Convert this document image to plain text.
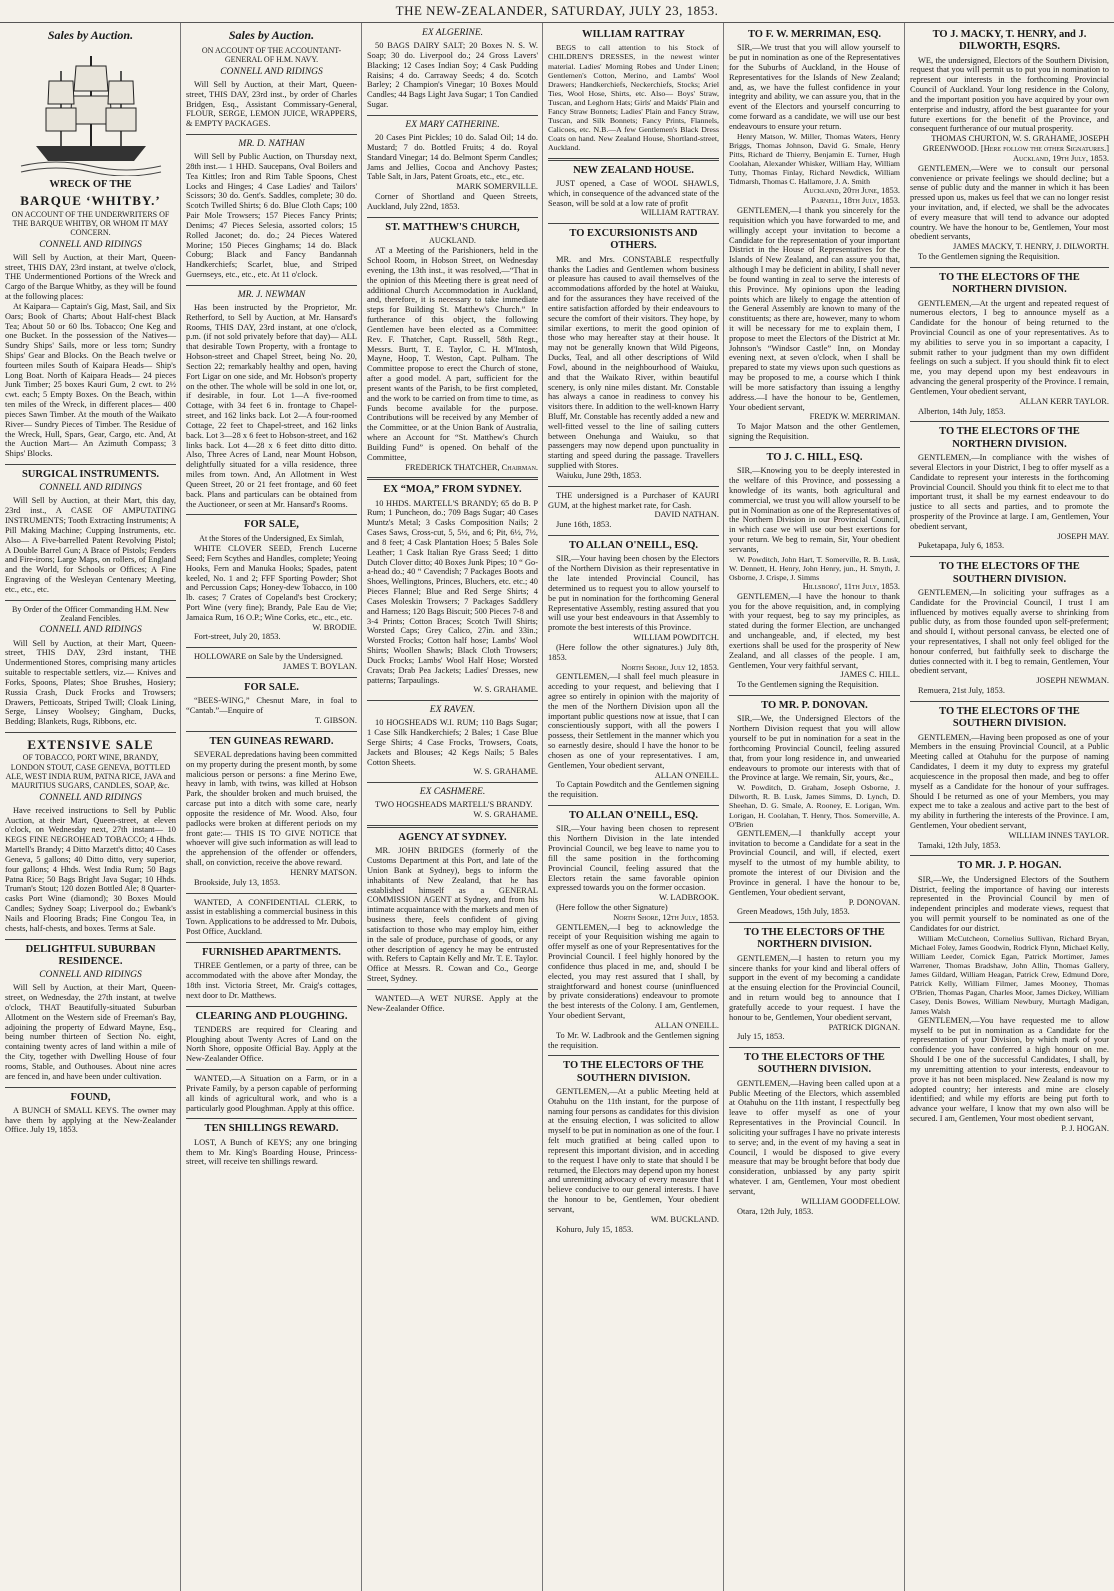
THE NEW-ZEALANDER, SATURDAY, JULY 23, 1853.
Sales by Auction.
WRECK OF THE
BARQUE ‘WHITBY.’
ON ACCOUNT OF THE UNDERWRITERS OF THE BARQUE WHITBY, OR WHOM IT MAY CONCERN.
CONNELL AND RIDINGS

Will Sell by Auction, at their Mart, Queen-street, THIS DAY, 23rd instant, at twelve o'clock, THE Undermentioned Portions of the Wreck and Cargo of the Barque Whitby, as they will be found at the following places:

At Kaipara— Captain's Gig, Mast, Sail, and Six Oars; Book of Charts; About Half-chest Black Tea; About 50 or 60 lbs. Tobacco; One Keg and one Bucket. In the possession of the Natives— Sundry Ships' Sails, more or less torn; Sundry Ships' Gear and Blocks. On the Beach twelve or fourteen miles South of Kaipara Heads— Ship's Long Boat. North of Kaipara Heads— 24 pieces Junk Timber; 25 boxes Kauri Gum, 2 cwt. to 2½ cwt. each; 5 Empty Boxes. On the Beach, within ten miles of the Wreck, in different places— 400 pieces Sawn Timber. At the mouth of the Waikato River— Sundry Pieces of Timber. The Residue of the Wreck, Hull, Spars, Gear, Cargo, etc. And, At the Auction Mart— An Azimuth Compass; 3 Ships' Blocks.

SURGICAL INSTRUMENTS.
CONNELL AND RIDINGS

Will Sell by Auction, at their Mart, this day, 23rd inst., A CASE OF AMPUTATING INSTRUMENTS; Tooth Extracting Instruments; A Pill Making Machine; Cupping Instruments, etc. Also— A Five-barrelled Patent Revolving Pistol; A Double Barrel Gun; A Brace of Pistols; Fenders and Fire-irons; Large Maps, on rollers, of England and the World, for Schools or Offices; A Fine Engraving of the Wesleyan Centenary Meeting, etc., etc., etc.

By Order of the Officer Commanding H.M. New Zealand Fencibles.
CONNELL AND RIDINGS

Will Sell by Auction, at their Mart, Queen-street, THIS DAY, 23rd instant, THE Undermentioned Stores, comprising many articles suitable to respectable settlers, viz.— Knives and Forks, Spoons, Plates; Shoe Brushes, Hosiery; Russia Crash, Duck Frocks and Trowsers; Drawers, Petticoats, Striped Twill; Cloak Lining, Serge, Linsey Woolsey; Gingham, Ducks, Bedding; Blankets, Rugs, Ribbons, etc.

EXTENSIVE SALE
OF TOBACCO, PORT WINE, BRANDY, LONDON STOUT, CASE GENEVA, BOTTLED ALE, WEST INDIA RUM, PATNA RICE, JAVA and MAURITIUS SUGARS, CANDLES, SOAP, &c.
CONNELL AND RIDINGS

Have received instructions to Sell by Public Auction, at their Mart, Queen-street, at eleven o'clock, on Wednesday next, 27th instant— 10 KEGS FINE NEGROHEAD TOBACCO; 4 Hhds. Martell's Brandy; 4 Ditto Marzett's ditto; 40 Cases Geneva, 5 gallons; 40 Ditto ditto, very superior, four gallons; 4 Hhds. West India Rum; 50 Bags Patna Rice; 50 Bags Bright Java Sugar; 10 Hhds. Truman's Stout; 120 dozen Bottled Ale; 8 Quarter-casks Port Wine (diamond); 30 Boxes Mould Candles; Sydney Soap; Liverpool do.; Ewbank's Nails and Flooring Brads; Fine Congou Tea, in chests, half-chests, and boxes. Terms at Sale.

DELIGHTFUL SUBURBAN RESIDENCE.
CONNELL AND RIDINGS

Will Sell by Auction, at their Mart, Queen-street, on Wednesday, the 27th instant, at twelve o'clock, THAT Beautifully-situated Suburban Allotment on the Western side of Freeman's Bay, adjoining the property of Edward Mayne, Esq., being number thirteen of Section No. eight, containing twenty acres of land within a mile of the City, together with Dwelling House of four rooms, Stable, and Outhouses. About nine acres are fenced in, and have been under cultivation.

FOUND,

A BUNCH of SMALL KEYS. The owner may have them by applying at the New-Zealander Office. July 19, 1853.

Sales by Auction.
ON ACCOUNT OF THE ACCOUNTANT-GENERAL OF H.M. NAVY.
CONNELL AND RIDINGS

Will Sell by Auction, at their Mart, Queen-street, THIS DAY, 23rd inst., by order of Charles Bridgen, Esq., Assistant Commissary-General, FLOUR, SERGE, LEMON JUICE, WRAPPERS, & EMPTY PACKAGES.

MR. D. NATHAN

Will Sell by Public Auction, on Thursday next, 28th inst.— 1 HHD. Saucepans, Oval Boilers and Tea Kittles; Iron and Rim Table Spoons, Chest Locks and Hinges; 4 Case Ladies' and Tailors' Scissors; 30 do. Gent's. Saddles, complete; 30 do. Scotch Twilled Shirts; 6 do. Blue Cloth Caps; 100 Pair Mole Trowsers; 157 Pieces Fancy Prints; Denims; 47 Pieces Selesia, assorted colors; 15 Rolled Jaconet; do. do.; 24 Pieces Watered Morine; 150 Pieces Ginghams; 14 do. Black Coburg; Black and Fancy Bandannah Handkerchiefs; Scarlet, blue, and Striped Guernseys, etc., etc., etc. At 11 o'clock.

MR. J. NEWMAN

Has been instructed by the Proprietor, Mr. Retherford, to Sell by Auction, at Mr. Hansard's Rooms, THIS DAY, 23rd instant, at one o'clock, p.m. (if not sold privately before that day)— ALL that desirable Town Property, with a frontage to Hobson-street and Chapel Street, being No. 20, Section 22; remarkably healthy and open, having Fort Ligar on one side, and Mr. Hobson's property on the other. The whole will be sold in one lot, or, if desirable, in four. Lot 1—A five-roomed Cottage, with 34 feet 6 in. frontage to Chapel-street, and 162 links back. Lot 2—A four-roomed Cottage, 22 feet to Chapel-street, and 162 links back. Lot 3—28 x 6 feet to Hobson-street, and 162 links back. Lot 4—28 x 6 feet ditto ditto ditto. Also, Three Acres of Land, near Mount Hobson, delightfully situated for a villa residence, three miles from town. And, An Allotment in West Queen Street, 20 or 21 feet frontage, and 60 feet back. Plans and particulars can be obtained from the Auctioneer, or seen at Mr. Hansard's Rooms.

FOR SALE,
At the Stores of the Undersigned, Ex Simlah,

WHITE CLOVER SEED, French Lucerne Seed; Fern Scythes and Handles, complete; Yeoing Hooks, Fern and Manuka Hooks; Spades, patent keeled, No. 1 and 2; FFF Sporting Powder; Shot and Percussion Caps; Honey-dew Tobacco, in 100 lb. cases; 7 Crates of Copeland's best Crockery; Port Wine (very fine); Brandy, Pale Eau de Vie; Jamaica Rum, 16 O.P.; Wine Corks, etc., etc., etc.

W. BRODIE.

Fort-street, July 20, 1853.

HOLLOWARE on Sale by the Undersigned.

JAMES T. BOYLAN.

FOR SALE.

“BEES-WING,” Chesnut Mare, in foal to “Cantab.”—Enquire of

T. GIBSON.

TEN GUINEAS REWARD.

SEVERAL depredations having been committed on my property during the present month, by some malicious person or persons: a fine Merino Ewe, heavy in lamb, with twins, was killed at Hobson Park, the shoulder broken and much bruised, the carcase put into a ditch with some care, nearly opposite the residence of Mr. Wood. Also, four padlocks were broken at different periods on my front gate:— THIS IS TO GIVE NOTICE that whoever will give such information as will lead to the apprehension of the offender or offenders, shall, on conviction, receive the above reward.

HENRY MATSON.

Brookside, July 13, 1853.

WANTED, A CONFIDENTIAL CLERK, to assist in establishing a commercial business in this Town. Applications to be addressed to Mr. Dubois, Post Office, Auckland.

FURNISHED APARTMENTS.

THREE Gentlemen, or a party of three, can be accommodated with the above after Monday, the 18th inst. Victoria Street, Mr. Craig's cottages, next door to Dr. Matthews.

CLEARING AND PLOUGHING.

TENDERS are required for Clearing and Ploughing about Twenty Acres of Land on the North Shore, opposite Official Bay. Apply at the New-Zealander Office.

WANTED,—A Situation on a Farm, or in a Private Family, by a person capable of performing all kinds of agricultural work, and who is a particularly good Ploughman. Apply at this office.

TEN SHILLINGS REWARD.

LOST, A Bunch of KEYS; any one bringing them to Mr. King's Boarding House, Princess-street, will receive ten shillings reward.

EX ALGERINE.

50 BAGS DAIRY SALT; 20 Boxes N. S. W. Soap; 30 do. Liverpool do.; 24 Gross Lavers' Blacking; 12 Cases Indian Soy; 4 Cask Pudding Raisins; 4 do. Carraway Seeds; 4 do. Scotch Barley; 2 Champion's Vinegar; 10 Boxes Mould Candles; 44 Bags Light Java Sugar; 1 Ton Candied Sugar.

EX MARY CATHERINE.

20 Cases Pint Pickles; 10 do. Salad Oil; 14 do. Mustard; 7 do. Bottled Fruits; 4 do. Royal Standard Vinegar; 14 do. Belmont Sperm Candles; Jams and Jellies, Cocoa and Anchovy Pastes; Table Salt, in Jars, Patent Groats, etc., etc., etc.

MARK SOMERVILLE.

Corner of Shortland and Queen Streets, Auckland, July 22nd, 1853.

ST. MATTHEW'S CHURCH,
AUCKLAND.

AT a Meeting of the Parishioners, held in the School Room, in Hobson Street, on Wednesday evening, the 13th inst., it was resolved,—“That in the opinion of this Meeting there is great need of additional Church Accommodation in Auckland, and, therefore, it is necessary to take immediate steps for Building St. Matthew's Church.” In furtherance of this object, the following Gentlemen have been elected as a Committee: Rev. F. Thatcher, Capt. Russell, 58th Regt., Messrs. Burtt, T. E. Taylor, C. H. M'Intosh, Mayne, Hoop, T. Weston, Capt. Pulham. The Committee propose to erect the Church of stone, after a good model. A part, sufficient for the present wants of the Parish, to be first completed, and the work to be carried on from time to time, as Funds become available for the purpose. Contributions will be received by any Member of the Committee, or at the Union Bank of Australia, where an Account for “St. Matthew's Church Building Fund” is opened. On behalf of the Committee,

FREDERICK THATCHER, Chairman.

EX “MOA,” FROM SYDNEY.

10 HHDS. MARTELL'S BRANDY; 65 do B. P Rum; 1 Puncheon, do.; 709 Bags Sugar; 40 Cases Muntz's Metal; 3 Casks Composition Nails; 2 Cases Saws, Cross-cut, 5, 5½, and 6; Pit, 6½, 7½, and 8 feet; 4 Cask Plantation Hoes; 5 Bales Sole Leather; 1 Cask Italian Rye Grass Seed; 1 ditto Dutch Clover ditto; 40 Boxes Junk Pipes; 10 “ Go-a-head do.; 40 “ Cavendish; 7 Packages Boots and Shoes, Wellingtons, Princes, Bluchers, etc. etc.; 40 Pieces Flannel; Blue and Red Serge Shirts; 4 Cases Moleskin Trowsers; 7 Packages Saddlery and Harness; 120 Bags Biscuit; 500 Pieces 7-8 and 3-4 Prints; Cotton Braces; Scotch Twill Shirts; Worsted Caps; Grey Calico, 27in. and 33in.; Worsted Frocks; Cotton half hose; Lambs' Wool Shirts; Woollen Shawls; Black Cloth Trowsers; Duck Frocks; Lambs' Wool Half Hose; Worsted Cravats; Drab Pea Jackets; Ladies' Dresses, new patterns; Tarpaulings.

W. S. GRAHAME.

EX RAVEN.

10 HOGSHEADS W.I. RUM; 110 Bags Sugar; 1 Case Silk Handkerchiefs; 2 Bales; 1 Case Blue Serge Shirts; 4 Case Frocks, Trowsers, Coats, Jackets and Blouses; 42 Kegs Nails; 5 Bales Cotton Sheets.

W. S. GRAHAME.

EX CASHMERE.

TWO HOGSHEADS MARTELL'S BRANDY.

W. S. GRAHAME.

AGENCY AT SYDNEY.

MR. JOHN BRIDGES (formerly of the Customs Department at this Port, and late of the Union Bank at Sydney), begs to inform the inhabitants of New Zealand, that he has established himself as a GENERAL COMMISSION AGENT at Sydney, and from his intimate acquaintance with the markets and men of business there, feels confident of giving satisfaction to those who may employ him, either in the sale of produce, purchase of goods, or any other description of agency he may be entrusted with. Refers to Captain Kelly and Mr. T. E. Taylor. Office at Messrs. R. Cowan and Co., George Street, Sydney.

WANTED—A WET NURSE. Apply at the New-Zealander Office.

WILLIAM RATTRAY

BEGS to call attention to his Stock of CHILDREN'S DRESSES, in the newest winter material. Ladies' Morning Robes and Under Linen; Gentlemen's Cotton, Merino, and Lambs' Wool Drawers; Handkerchiefs, Neckerchiefs, Stocks; Ariel Ties, Wool Hose, Shirts, etc. Also— Boys' Straw, Tuscan, and Leghorn Hats; Girls' and Maids' Plain and Fancy Straw Bonnets; Ladies' Plain and Fancy Straw, Tuscan, and Silk Bonnets; Fancy Prints, Flannels, Calicoes, etc. N.B.—A few Gentlemen's Black Dress Coats on hand. New Zealand House, Shortland-street, Auckland.

NEW ZEALAND HOUSE.

JUST opened, a Case of WOOL SHAWLS, which, in consequence of the advanced state of the Season, will be sold at a low rate of profit

WILLIAM RATTRAY.

TO EXCURSIONISTS AND OTHERS.

MR. and Mrs. CONSTABLE respectfully thanks the Ladies and Gentlemen whom business or pleasure has caused to avail themselves of the accommodations afforded by the hotel at Waiuku, and for the assurances they have received of the entire satisfaction afforded by their endeavours to secure the comfort of their visitors. They hope, by similar exertions, to merit the good opinion of those who may hereafter stay at their house. It may not be generally known that Wild Pigeons, Ducks, Teal, and all other descriptions of Wild Fowl, abound in the neighbourhood of Waiuku, and that the Waikato River, within beautiful scenery, is only nine miles distant. Mr. Constable has always a canoe in readiness to convey his visitors there. In addition to the well-known Harry Bluff, Mr. Constable has recently added a new and well-fitted vessel to the line of sailing cutters between Onehunga and Waiuku, so that passengers may now depend upon punctuality in starting and speed during the passage. Travellers supplied with Stores.

Waiuku, June 29th, 1853.

THE undersigned is a Purchaser of KAURI GUM, at the highest market rate, for Cash.

DAVID NATHAN.

June 16th, 1853.

TO ALLAN O'NEILL, ESQ.

SIR,—Your having been chosen by the Electors of the Northern Division as their representative in the late intended Provincial Council, has determined us to request you to allow yourself to be put in nomination for the forthcoming General Representative Assembly, resting assured that you will use your best endeavours in that Assembly to promote the best interests of this Province.

WILLIAM POWDITCH.

(Here follow the other signatures.) July 8th, 1853.

North Shore, July 12, 1853.

GENTLEMEN,—I shall feel much pleasure in acceding to your request, and believing that I agree so entirely in opinion with the majority of the men of the Northern Division upon all the important public questions now at issue, that I can conscientiously support, with all the powers I possess, their Settlement in the manner which you so earnestly desire, should I have the honor to be chosen as one of your representatives. I am, Gentlemen, Your obedient servant,

ALLAN O'NEILL.

To Captain Powditch and the Gentlemen signing the requisition.

TO ALLAN O'NEILL, ESQ.

SIR,—Your having been chosen to represent this Northern Division in the late intended Provincial Council, we beg leave to name you to fill the same position in the forthcoming Provincial Council, feeling assured that the Electors retain the same favorable opinion expressed towards you on the former occasion.

W. LADBROOK.

(Here follow the other Signature)

North Shore, 12th July, 1853.

GENTLEMEN,—I beg to acknowledge the receipt of your Requisition wishing me again to offer myself as one of your Representatives for the Provincial Council. I feel highly honored by the confidence thus placed in me, and, should I be elected, you may rest assured that I shall, by straightforward and honest course (uninfluenced by private considerations) endeavour to promote the best interests of the Colony. I am, Gentlemen, Your obedient Servant,

ALLAN O'NEILL.

To Mr. W. Ladbrook and the Gentlemen signing the requisition.

TO THE ELECTORS OF THE SOUTHERN DIVISION.

GENTLEMEN,—At a public Meeting held at Otahuhu on the 11th instant, for the purpose of naming four persons as candidates for this division at the ensuing election, I was solicited to allow myself to be put in nomination as one of the four. I felt much gratified at being called upon to represent this important division, and in acceding to the request I have only to state that should I be returned, the Electors may depend upon my honest and unremitting advocacy of every measure that I believe conducive to our general interests. I have the honour to be, Gentlemen, Your obedient servant,

WM. BUCKLAND.

Kohuro, July 15, 1853.

TO F. W. MERRIMAN, ESQ.

SIR,—We trust that you will allow yourself to be put in nomination as one of the Representatives for the Suburbs of Auckland, in the House of Representatives for the Islands of New Zealand; and, as, we have the fullest confidence in your integrity and ability, we can assure you, that in the event of the Electors and yourself concurring to come forward as a candidate, we will use our best endeavours to ensure your return.

Henry Matson, W. Miller, Thomas Waters, Henry Briggs, Thomas Johnson, David G. Smale, Henry Pitts, Richard de Thierry, Benjamin E. Turner, Hugh Coolahan, Alexander Whisker, William Hay, William Tutty, Thomas Finlay, Richard Newdick, William Tidmarsh, Thomas C. Hallamore, J. A. Smith

Auckland, 20th June, 1853.

Parnell, 18th July, 1853.

GENTLEMEN,—I thank you sincerely for the requisition which you have forwarded to me, and willingly accept your invitation to become a Candidate for the representation of your important District in the House of Representatives for the Islands of New Zealand, and can assure you that, although I may be deficient in ability, I shall never be found wanting in zeal to serve the interests of this Province. My opinions upon the leading points which are likely to engage the attention of the General Assembly are known to many of the constituents; as there are, however, many to whom it will be necessary for me to explain them, I propose to meet the Electors of the District at Mr. Johnson's “Windsor Castle” Inn, on Monday evening next, at seven o'clock, when I shall be prepared to state my views upon such questions as may be proposed to me, a course which I think will be more satisfactory than issuing a lengthy address.—I have the honour to be, Gentlemen, Your obedient servant,

FRED'K W. MERRIMAN.

To Major Matson and the other Gentlemen, signing the Requisition.

TO J. C. HILL, ESQ.

SIR,—Knowing you to be deeply interested in the welfare of this Province, and possessing a knowledge of its wants, both agricultural and commercial, we trust you will allow yourself to be put in Nomination as one of the Representatives of the Northern Division in our Provincial Council, in which case we will use our best exertions for your return. We beg to remain, Sir, Your obedient servants,

W. Powditch, John Hart, T. Somerville, R. B. Lusk, W. Dennett, H. Henry, John Henry, jun., H. Smyth, J. Osborne, J. Crispe, J. Simms

Hillsboro', 11th July, 1853.

GENTLEMEN,—I have the honour to thank you for the above requisition, and, in complying with your request, beg to say my principles, as stated during the former Election, are unchanged and unchangeable, and, if elected, my best exertions shall be used for the prosperity of New Zealand, and all classes of the people. I am, Gentlemen, Your very faithful servant,

JAMES C. HILL.

To the Gentlemen signing the Requisition.

TO MR. P. DONOVAN.

SIR,—We, the Undersigned Electors of the Northern Division request that you will allow yourself to be put in nomination for a seat in the forthcoming Provincial Council, feeling assured that, from your long residence in, and unwearied endeavours to promote our interests with that of the Province at large. We remain, Sir, yours, &c.,

W. Powditch, D. Graham, Joseph Osborne, J. Dilworth, R. B. Lusk, James Simms, D. Lynch, D. Sheehan, D. G. Smale, A. Rooney, E. Lorigan, Wm. Lorigan, H. Coolahan, T. Henry, Thos. Somerville, A. O'Brien

GENTLEMEN,—I thankfully accept your invitation to become a Candidate for a seat in the Provincial Council, and will, if elected, exert myself to the utmost of my humble ability, to promote the interest of our Division and the Province in general. I have the honour to be, Gentlemen, Your obedient servant,

P. DONOVAN.

Green Meadows, 15th July, 1853.

TO THE ELECTORS OF THE NORTHERN DIVISION.

GENTLEMEN,—I hasten to return you my sincere thanks for your kind and liberal offers of support in the event of my becoming a candidate at the ensuing election for the Provincial Council, and in return would beg to announce that I gratefully accede to your request. I have the honour to be, Gentlemen, Your obedient servant,

PATRICK DIGNAN.

July 15, 1853.

TO THE ELECTORS OF THE SOUTHERN DIVISION.

GENTLEMEN,—Having been called upon at a Public Meeting of the Electors, which assembled at Otahuhu on the 11th instant, I respectfully beg leave to offer myself as one of your Representatives in the Provincial Council. In soliciting your suffrages I have no private interests to serve; and, in the event of my having a seat in Council, I would be disposed to give every measure that may be brought before that body due consideration, unbiassed by any party spirit whatever. I am, Gentlemen, Your most obedient servant,

WILLIAM GOODFELLOW.

Otara, 12th July, 1853.

TO J. MACKY, T. HENRY, and J. DILWORTH, ESQRS.

WE, the undersigned, Electors of the Southern Division, request that you will permit us to put you in nomination to represent our interests in the forthcoming Provincial Council of Auckland. Your long residence in the Colony, and the important position you have acquired by your own enterprise and industry, afford the best guarantee for your future exertions for the benefit of the Province, and consequent furtherance of our mutual prosperity.

THOMAS CHURTON, W. S. GRAHAME, JOSEPH GREENWOOD. [Here follow the other Signatures.]

Auckland, 19th July, 1853.

GENTLEMEN,—Were we to consult our personal convenience or private feelings we should decline; but a sense of public duty and the manner in which it has been pressed upon us, makes us feel that we can no longer resist your invitation, and, if elected, we shall be the advocates of every measure that will tend to advance our adopted country. We have the honour to be, Gentlemen, Your most obedient servants,

JAMES MACKY, T. HENRY, J. DILWORTH.

To the Gentlemen signing the Requisition.

TO THE ELECTORS OF THE NORTHERN DIVISION.

GENTLEMEN,—At the urgent and repeated request of numerous electors, I beg to announce myself as a Candidate for the honour of being returned to the Provincial Council as one of your representatives. As to my abilities to serve you in so important a capacity, I submit rather to your judgment than my own diffident feelings on such a subject. If you should think fit to elect me, you may depend upon my best endeavours in advancing the general prosperity of the Province. I remain, Gentlemen, Your obedient servant,

ALLAN KERR TAYLOR.

Alberton, 14th July, 1853.

TO THE ELECTORS OF THE NORTHERN DIVISION.

GENTLEMEN,—In compliance with the wishes of several Electors in your District, I beg to offer myself as a Candidate to represent your interests in the forthcoming Provincial Council. Should you think fit to elect me to that important trust, it shall be my earnest endeavour to do justice to all sects and parties, and to promote the prosperity of the Province at large. I am, Gentlemen, Your obedient servant,

JOSEPH MAY.

Puketapapa, July 6, 1853.

TO THE ELECTORS OF THE SOUTHERN DIVISION.

GENTLEMEN,—In soliciting your suffrages as a Candidate for the Provincial Council, I trust I am influenced by motives equally averse to shrinking from public duty, as from those founded upon self-preferment; and should I, without personal canvass, be elected one of your representatives, I shall not only feel obliged for the honour conferred, but faithfully seek to discharge the duties connected with it. I beg to remain, Gentlemen, Your obedient servant,

JOSEPH NEWMAN.

Remuera, 21st July, 1853.

TO THE ELECTORS OF THE SOUTHERN DIVISION.

GENTLEMEN,—Having been proposed as one of your Members in the ensuing Provincial Council, at a Public Meeting called at Otahuhu for the purpose of naming Candidates, I deem it my duty to express my grateful acquiescence in the proposal then made, and beg to offer myself as a Candidate for the honour of your suffrages. Should I be returned as one of your Members, you may expect me to take a zealous and active part to the best of my ability in furthering the interests of the Province. I am, Gentlemen, Your obedient servant,

WILLIAM INNES TAYLOR.

Tamaki, 12th July, 1853.

TO MR. J. P. HOGAN.

SIR,—We, the Undersigned Electors of the Southern District, feeling the importance of having our interests represented in the Provincial Council by men of independent principles and moderate views, request that you will permit yourself to be nominated as one of the Candidates for our district.

William McCutcheon, Cornelius Sullivan, Richard Bryan, Michael Foley, James Goodwin, Rodrick Flynn, Michael Kelly, William Leeder, Cornick Egan, Patrick Mortimer, James Warrener, Thomas Bradshaw, John Allin, Thomas Gallery, James Gildard, William Heagan, Patrick Crew, Edmund Dore, Patrick Kelly, William Filmer, James Mooney, Thomas O'Brien, Thomas Pagan, Charles Moor, James Dickey, William Casey, Denis Bowes, William Newbury, Murtagh Madigan, James Walsh

GENTLEMEN,—You have requested me to allow myself to be put in nomination as a Candidate for the representation of your Division, by which mark of your confidence you have conferred a high honour on me. Should I be one of the successful Candidates, I shall, by my unremitting attention to your interests, endeavour to prove it has not been misplaced. New Zealand is now my adopted country; her interests and mine are closely identified; and while my efforts are being put forth to advance your welfare, I know that my own also will be secured. I am, Gentlemen, Your most obedient servant,

P. J. HOGAN.
